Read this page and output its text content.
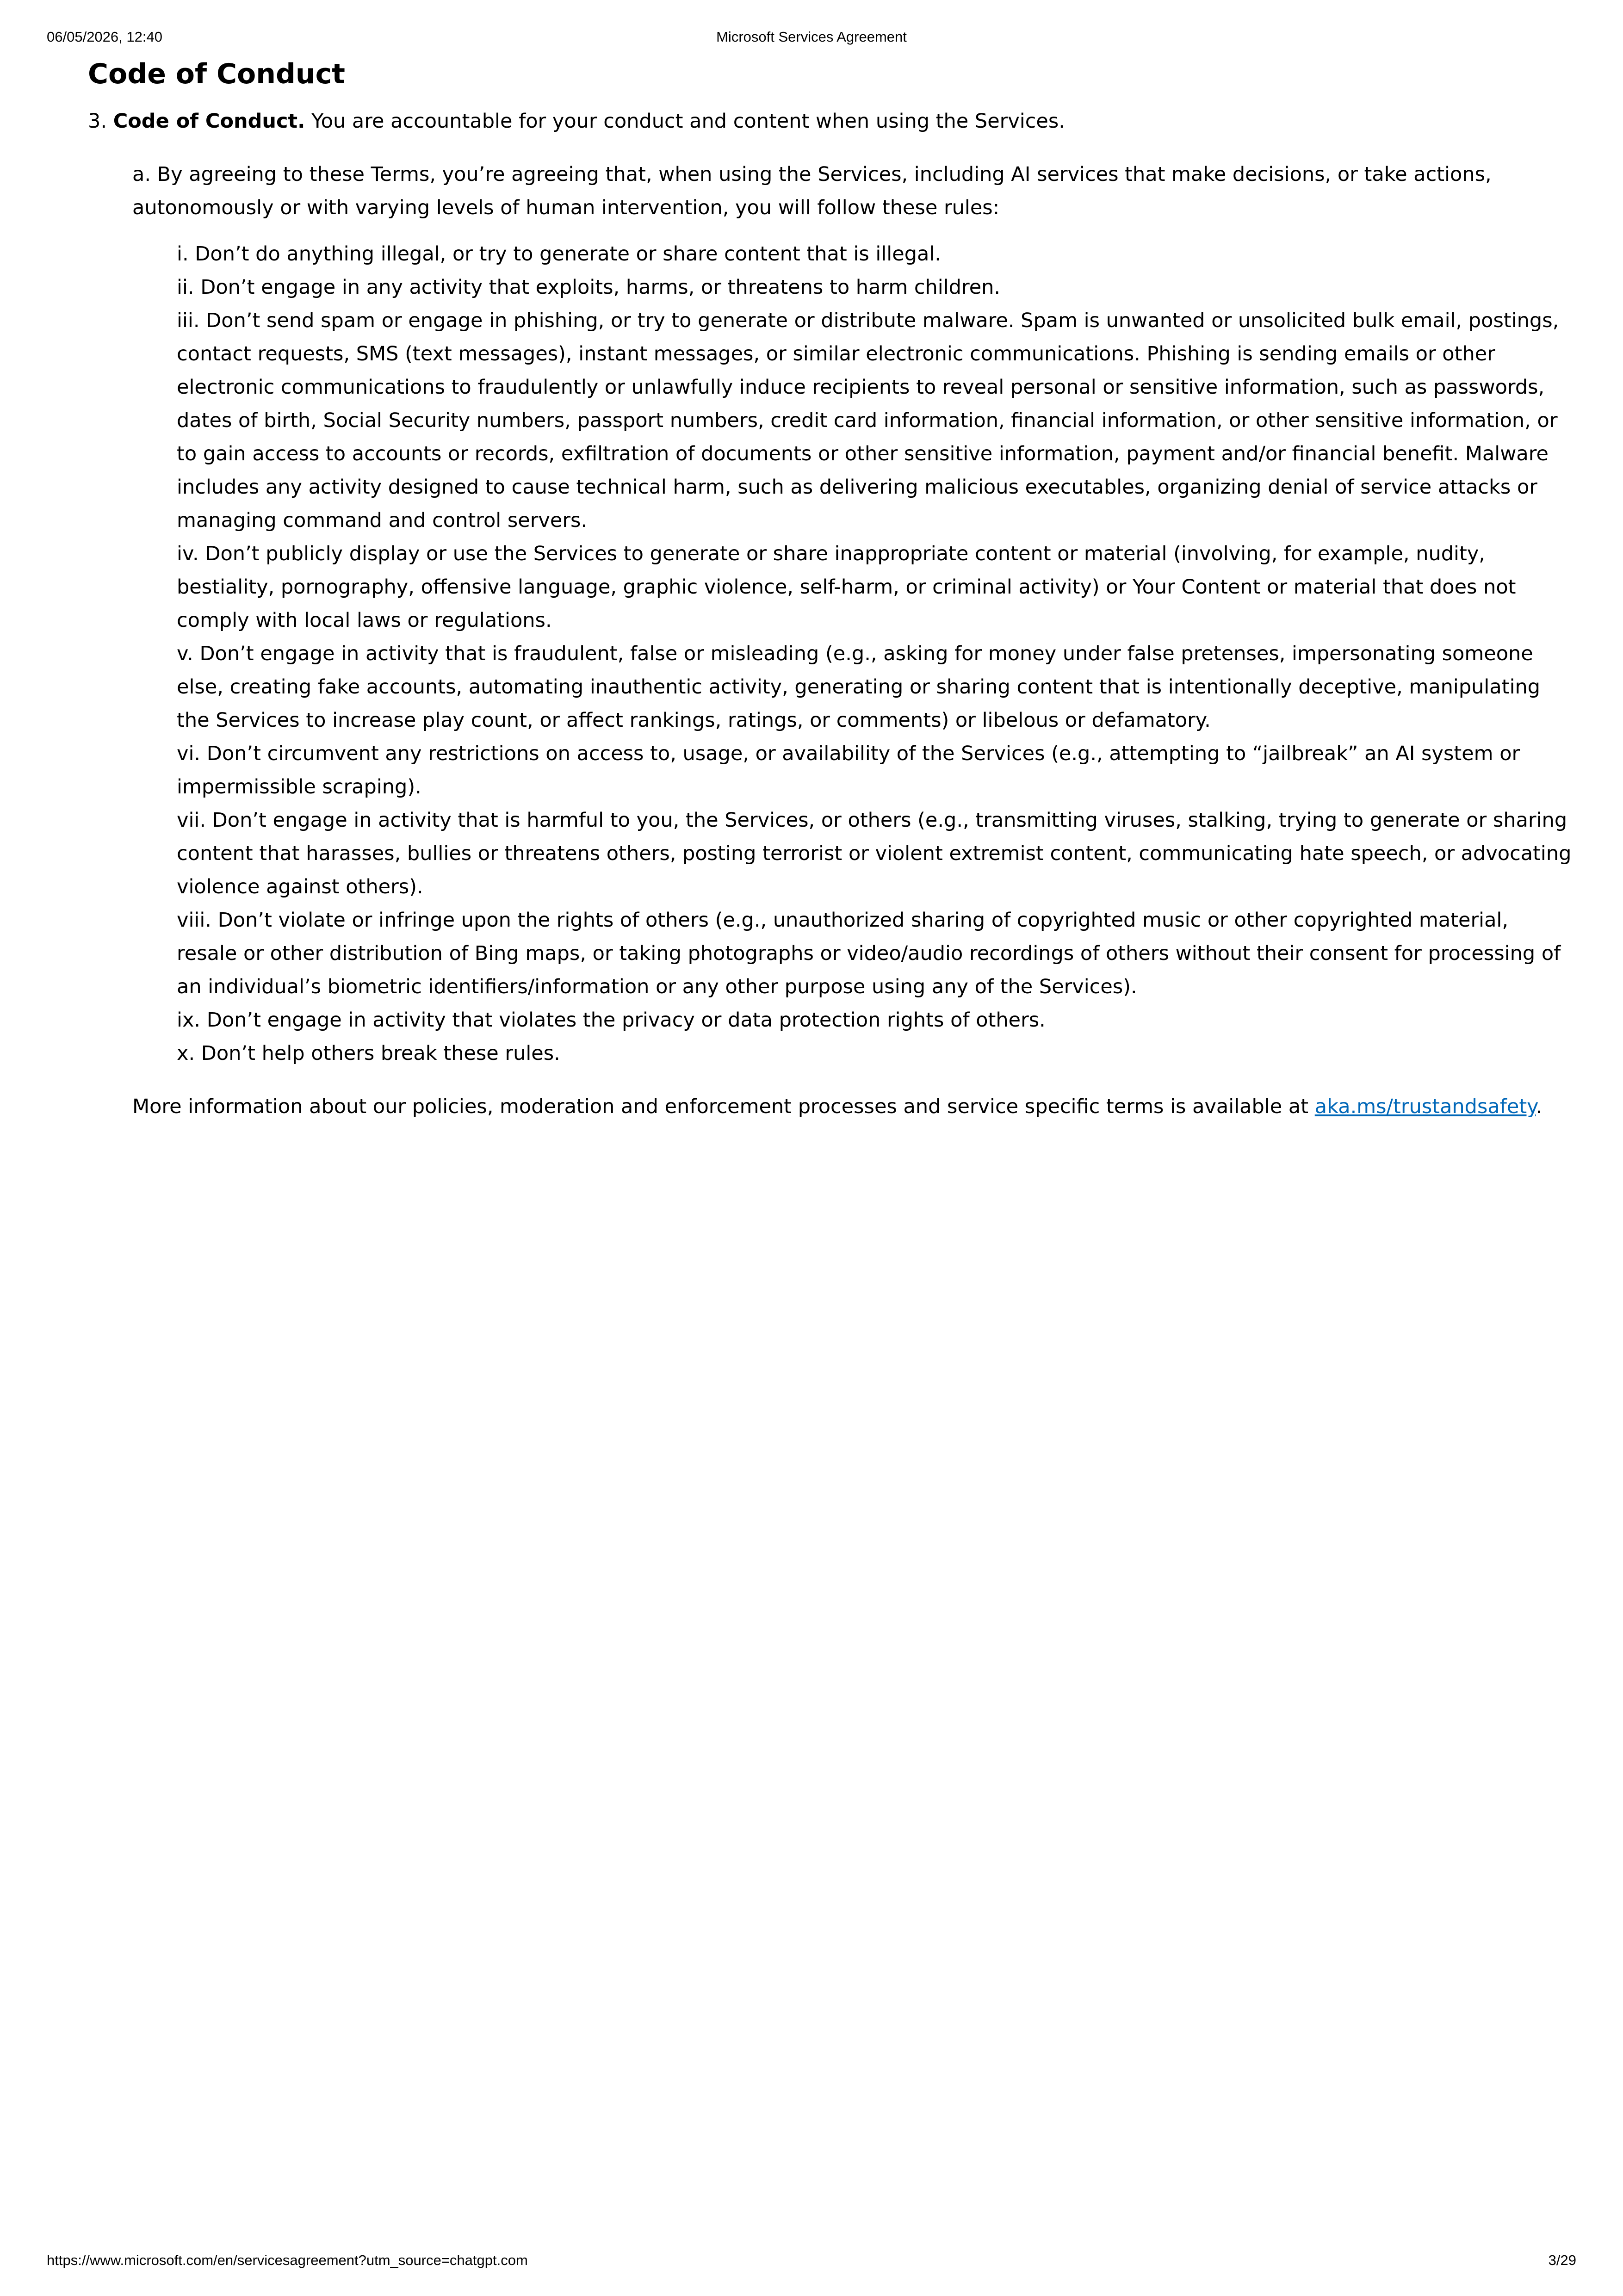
06/05/2026, 12:40	Microsoft Services Agreement
Code of Conduct

3. Code of Conduct. You are accountable for your conduct and content when using the Services.

a. By agreeing to these Terms, you’re agreeing that, when using the Services, including AI services that make decisions, or take actions, autonomously or with varying levels of human intervention, you will follow these rules:

i. Don’t do anything illegal, or try to generate or share content that is illegal.
ii. Don’t engage in any activity that exploits, harms, or threatens to harm children.
iii. Don’t send spam or engage in phishing, or try to generate or distribute malware. Spam is unwanted or unsolicited bulk email, postings, contact requests, SMS (text messages), instant messages, or similar electronic communications. Phishing is sending emails or other electronic communications to fraudulently or unlawfully induce recipients to reveal personal or sensitive information, such as passwords, dates of birth, Social Security numbers, passport numbers, credit card information, financial information, or other sensitive information, or to gain access to accounts or records, exfiltration of documents or other sensitive information, payment and/or financial benefit. Malware includes any activity designed to cause technical harm, such as delivering malicious executables, organizing denial of service attacks or managing command and control servers.
iv. Don’t publicly display or use the Services to generate or share inappropriate content or material (involving, for example, nudity, bestiality, pornography, offensive language, graphic violence, self-harm, or criminal activity) or Your Content or material that does not comply with local laws or regulations.
v. Don’t engage in activity that is fraudulent, false or misleading (e.g., asking for money under false pretenses, impersonating someone else, creating fake accounts, automating inauthentic activity, generating or sharing content that is intentionally deceptive, manipulating the Services to increase play count, or affect rankings, ratings, or comments) or libelous or defamatory.
vi. Don’t circumvent any restrictions on access to, usage, or availability of the Services (e.g., attempting to “jailbreak” an AI system or impermissible scraping).
vii. Don’t engage in activity that is harmful to you, the Services, or others (e.g., transmitting viruses, stalking, trying to generate or sharing content that harasses, bullies or threatens others, posting terrorist or violent extremist content, communicating hate speech, or advocating violence against others).
viii. Don’t violate or infringe upon the rights of others (e.g., unauthorized sharing of copyrighted music or other copyrighted material, resale or other distribution of Bing maps, or taking photographs or video/audio recordings of others without their consent for processing of an individual’s biometric identifiers/information or any other purpose using any of the Services).
ix. Don’t engage in activity that violates the privacy or data protection rights of others.
x. Don’t help others break these rules.

More information about our policies, moderation and enforcement processes and service specific terms is available at aka.ms/trustandsafety.

https://www.microsoft.com/en/servicesagreement?utm_source=chatgpt.com	3/29
